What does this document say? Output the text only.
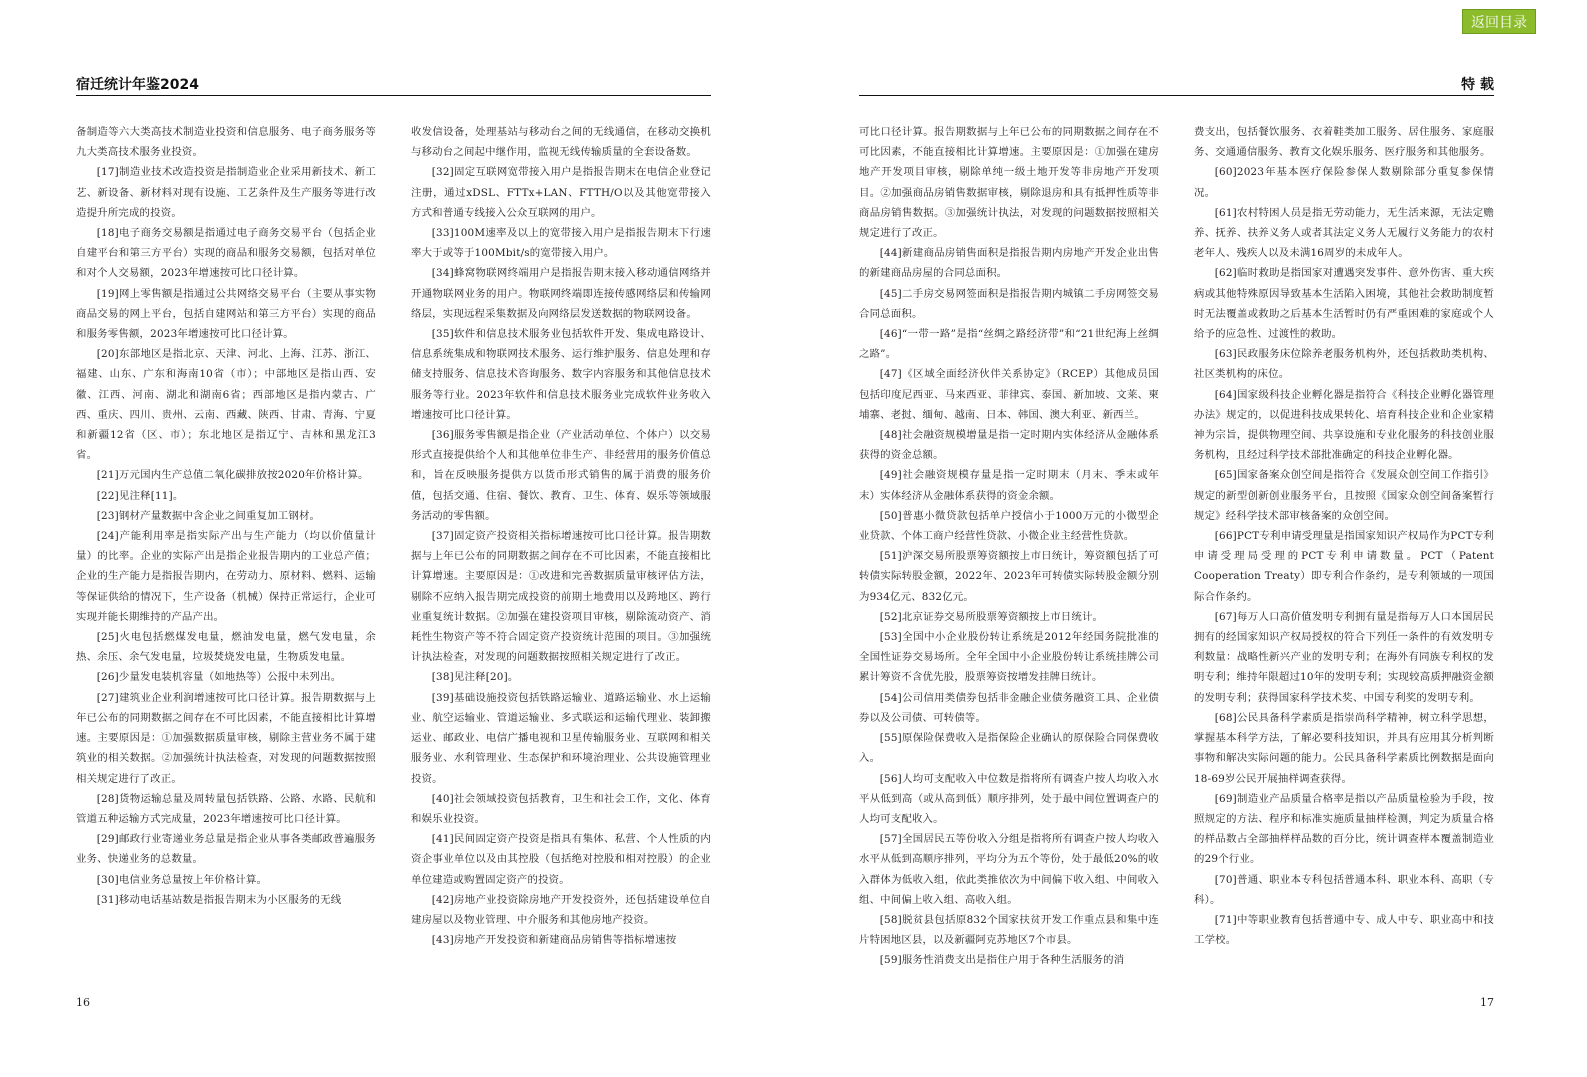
宿迁统计年鉴2024	特 载
返回目录

备制造等六大类高技术制造业投资和信息服务、电子商务服务等九大类高技术服务业投资。

[17]制造业技术改造投资是指制造业企业采用新技术、新工艺、新设备、新材料对现有设施、工艺条件及生产服务等进行改造提升所完成的投资。

[18]电子商务交易额是指通过电子商务交易平台（包括企业自建平台和第三方平台）实现的商品和服务交易额，包括对单位和对个人交易额，2023年增速按可比口径计算。

[19]网上零售额是指通过公共网络交易平台（主要从事实物商品交易的网上平台，包括自建网站和第三方平台）实现的商品和服务零售额，2023年增速按可比口径计算。

[20]东部地区是指北京、天津、河北、上海、江苏、浙江、福建、山东、广东和海南10省（市）；中部地区是指山西、安徽、江西、河南、湖北和湖南6省；西部地区是指内蒙古、广西、重庆、四川、贵州、云南、西藏、陕西、甘肃、青海、宁夏和新疆12省（区、市）；东北地区是指辽宁、吉林和黑龙江3省。

[21]万元国内生产总值二氧化碳排放按2020年价格计算。

[22]见注释[11]。

[23]钢材产量数据中含企业之间重复加工钢材。

[24]产能利用率是指实际产出与生产能力（均以价值量计量）的比率。企业的实际产出是指企业报告期内的工业总产值；企业的生产能力是指报告期内，在劳动力、原材料、燃料、运输等保证供给的情况下，生产设备（机械）保持正常运行，企业可实现并能长期维持的产品产出。

[25]火电包括燃煤发电量，燃油发电量，燃气发电量，余热、余压、余气发电量，垃圾焚烧发电量，生物质发电量。

[26]少量发电装机容量（如地热等）公报中未列出。

[27]建筑业企业利润增速按可比口径计算。报告期数据与上年已公布的同期数据之间存在不可比因素，不能直接相比计算增速。主要原因是：①加强数据质量审核，剔除主营业务不属于建筑业的相关数据。②加强统计执法检查，对发现的问题数据按照相关规定进行了改正。

[28]货物运输总量及周转量包括铁路、公路、水路、民航和管道五种运输方式完成量，2023年增速按可比口径计算。

[29]邮政行业寄递业务总量是指企业从事各类邮政普遍服务业务、快递业务的总数量。

[30]电信业务总量按上年价格计算。

[31]移动电话基站数是指报告期末为小区服务的无线

收发信设备，处理基站与移动台之间的无线通信，在移动交换机与移动台之间起中继作用，监视无线传输质量的全套设备数。

[32]固定互联网宽带接入用户是指报告期末在电信企业登记注册，通过xDSL、FTTx+LAN、FTTH/O以及其他宽带接入方式和普通专线接入公众互联网的用户。

[33]100M速率及以上的宽带接入用户是指报告期末下行速率大于或等于100Mbit/s的宽带接入用户。

[34]蜂窝物联网终端用户是指报告期末接入移动通信网络并开通物联网业务的用户。物联网终端即连接传感网络层和传输网络层，实现远程采集数据及向网络层发送数据的物联网设备。

[35]软件和信息技术服务业包括软件开发、集成电路设计、信息系统集成和物联网技术服务、运行维护服务、信息处理和存储支持服务、信息技术咨询服务、数字内容服务和其他信息技术服务等行业。2023年软件和信息技术服务业完成软件业务收入增速按可比口径计算。

[36]服务零售额是指企业（产业活动单位、个体户）以交易形式直接提供给个人和其他单位非生产、非经营用的服务价值总和，旨在反映服务提供方以货币形式销售的属于消费的服务价值，包括交通、住宿、餐饮、教育、卫生、体育、娱乐等领域服务活动的零售额。

[37]固定资产投资相关指标增速按可比口径计算。报告期数据与上年已公布的同期数据之间存在不可比因素，不能直接相比计算增速。主要原因是：①改进和完善数据质量审核评估方法，剔除不应纳入报告期完成投资的前期土地费用以及跨地区、跨行业重复统计数据。②加强在建投资项目审核，剔除流动资产、消耗性生物资产等不符合固定资产投资统计范围的项目。③加强统计执法检查，对发现的问题数据按照相关规定进行了改正。

[38]见注释[20]。

[39]基础设施投资包括铁路运输业、道路运输业、水上运输业、航空运输业、管道运输业、多式联运和运输代理业、装卸搬运业、邮政业、电信广播电视和卫星传输服务业、互联网和相关服务业、水利管理业、生态保护和环境治理业、公共设施管理业投资。

[40]社会领域投资包括教育，卫生和社会工作，文化、体育和娱乐业投资。

[41]民间固定资产投资是指具有集体、私营、个人性质的内资企事业单位以及由其控股（包括绝对控股和相对控股）的企业单位建造或购置固定资产的投资。

[42]房地产业投资除房地产开发投资外，还包括建设单位自建房屋以及物业管理、中介服务和其他房地产投资。

[43]房地产开发投资和新建商品房销售等指标增速按

可比口径计算。报告期数据与上年已公布的同期数据之间存在不可比因素，不能直接相比计算增速。主要原因是：①加强在建房地产开发项目审核，剔除单纯一级土地开发等非房地产开发项目。②加强商品房销售数据审核，剔除退房和具有抵押性质等非商品房销售数据。③加强统计执法，对发现的问题数据按照相关规定进行了改正。

[44]新建商品房销售面积是指报告期内房地产开发企业出售的新建商品房屋的合同总面积。

[45]二手房交易网签面积是指报告期内城镇二手房网签交易合同总面积。

[46]“一带一路”是指“丝绸之路经济带”和“21世纪海上丝绸之路”。

[47]《区域全面经济伙伴关系协定》（RCEP）其他成员国包括印度尼西亚、马来西亚、菲律宾、泰国、新加坡、文莱、柬埔寨、老挝、缅甸、越南、日本、韩国、澳大利亚、新西兰。

[48]社会融资规模增量是指一定时期内实体经济从金融体系获得的资金总额。

[49]社会融资规模存量是指一定时期末（月末、季末或年末）实体经济从金融体系获得的资金余额。

[50]普惠小微贷款包括单户授信小于1000万元的小微型企业贷款、个体工商户经营性贷款、小微企业主经营性贷款。

[51]沪深交易所股票筹资额按上市日统计，筹资额包括了可转债实际转股金额，2022年、2023年可转债实际转股金额分别为934亿元、832亿元。

[52]北京证券交易所股票筹资额按上市日统计。

[53]全国中小企业股份转让系统是2012年经国务院批准的全国性证券交易场所。全年全国中小企业股份转让系统挂牌公司累计筹资不含优先股，股票筹资按增发挂牌日统计。

[54]公司信用类债券包括非金融企业债务融资工具、企业债券以及公司债、可转债等。

[55]原保险保费收入是指保险企业确认的原保险合同保费收入。

[56]人均可支配收入中位数是指将所有调查户按人均收入水平从低到高（或从高到低）顺序排列，处于最中间位置调查户的人均可支配收入。

[57]全国居民五等份收入分组是指将所有调查户按人均收入水平从低到高顺序排列，平均分为五个等份，处于最低20%的收入群体为低收入组，依此类推依次为中间偏下收入组、中间收入组、中间偏上收入组、高收入组。

[58]脱贫县包括原832个国家扶贫开发工作重点县和集中连片特困地区县，以及新疆阿克苏地区7个市县。

[59]服务性消费支出是指住户用于各种生活服务的消

费支出，包括餐饮服务、衣着鞋类加工服务、居住服务、家庭服务、交通通信服务、教育文化娱乐服务、医疗服务和其他服务。

[60]2023年基本医疗保险参保人数剔除部分重复参保情况。

[61]农村特困人员是指无劳动能力，无生活来源，无法定赡养、抚养、扶养义务人或者其法定义务人无履行义务能力的农村老年人、残疾人以及未满16周岁的未成年人。

[62]临时救助是指国家对遭遇突发事件、意外伤害、重大疾病或其他特殊原因导致基本生活陷入困境，其他社会救助制度暂时无法覆盖或救助之后基本生活暂时仍有严重困难的家庭或个人给予的应急性、过渡性的救助。

[63]民政服务床位除养老服务机构外，还包括救助类机构、社区类机构的床位。

[64]国家级科技企业孵化器是指符合《科技企业孵化器管理办法》规定的，以促进科技成果转化、培育科技企业和企业家精神为宗旨，提供物理空间、共享设施和专业化服务的科技创业服务机构，且经过科学技术部批准确定的科技企业孵化器。

[65]国家备案众创空间是指符合《发展众创空间工作指引》规定的新型创新创业服务平台，且按照《国家众创空间备案暂行规定》经科学技术部审核备案的众创空间。

[66]PCT专利申请受理量是指国家知识产权局作为PCT专利申请受理局受理的PCT专利申请数量。PCT（Patent Cooperation Treaty）即专利合作条约，是专利领域的一项国际合作条约。

[67]每万人口高价值发明专利拥有量是指每万人口本国居民拥有的经国家知识产权局授权的符合下列任一条件的有效发明专利数量：战略性新兴产业的发明专利；在海外有同族专利权的发明专利；维持年限超过10年的发明专利；实现较高质押融资金额的发明专利；获得国家科学技术奖、中国专利奖的发明专利。

[68]公民具备科学素质是指崇尚科学精神，树立科学思想，掌握基本科学方法，了解必要科技知识，并具有应用其分析判断事物和解决实际问题的能力。公民具备科学素质比例数据是面向18-69岁公民开展抽样调查获得。

[69]制造业产品质量合格率是指以产品质量检验为手段，按照规定的方法、程序和标准实施质量抽样检测，判定为质量合格的样品数占全部抽样样品数的百分比，统计调查样本覆盖制造业的29个行业。

[70]普通、职业本专科包括普通本科、职业本科、高职（专科）。

[71]中等职业教育包括普通中专、成人中专、职业高中和技工学校。

16	17
